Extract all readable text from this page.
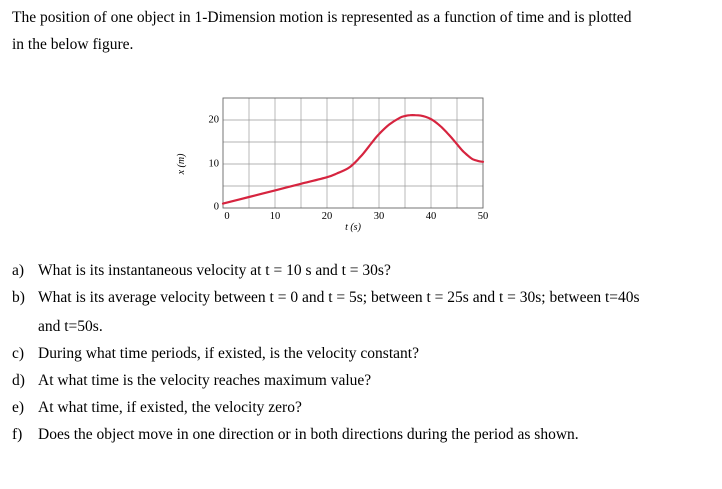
The position of one object in 1-Dimension motion is represented as a function of time and is plotted
in the below figure.

0	10	20	30	40	50
0
10
20
t (s)
x (m)
a) What is its instantaneous velocity at t = 10 s and t = 30s?
b) What is its average velocity between t = 0 and t = 5s; between t = 25s and t = 30s; between t=40s
and t=50s.
c) During what time periods, if existed, is the velocity constant?
d) At what time is the velocity reaches maximum value?
e) At what time, if existed, the velocity zero?
f) Does the object move in one direction or in both directions during the period as shown.
